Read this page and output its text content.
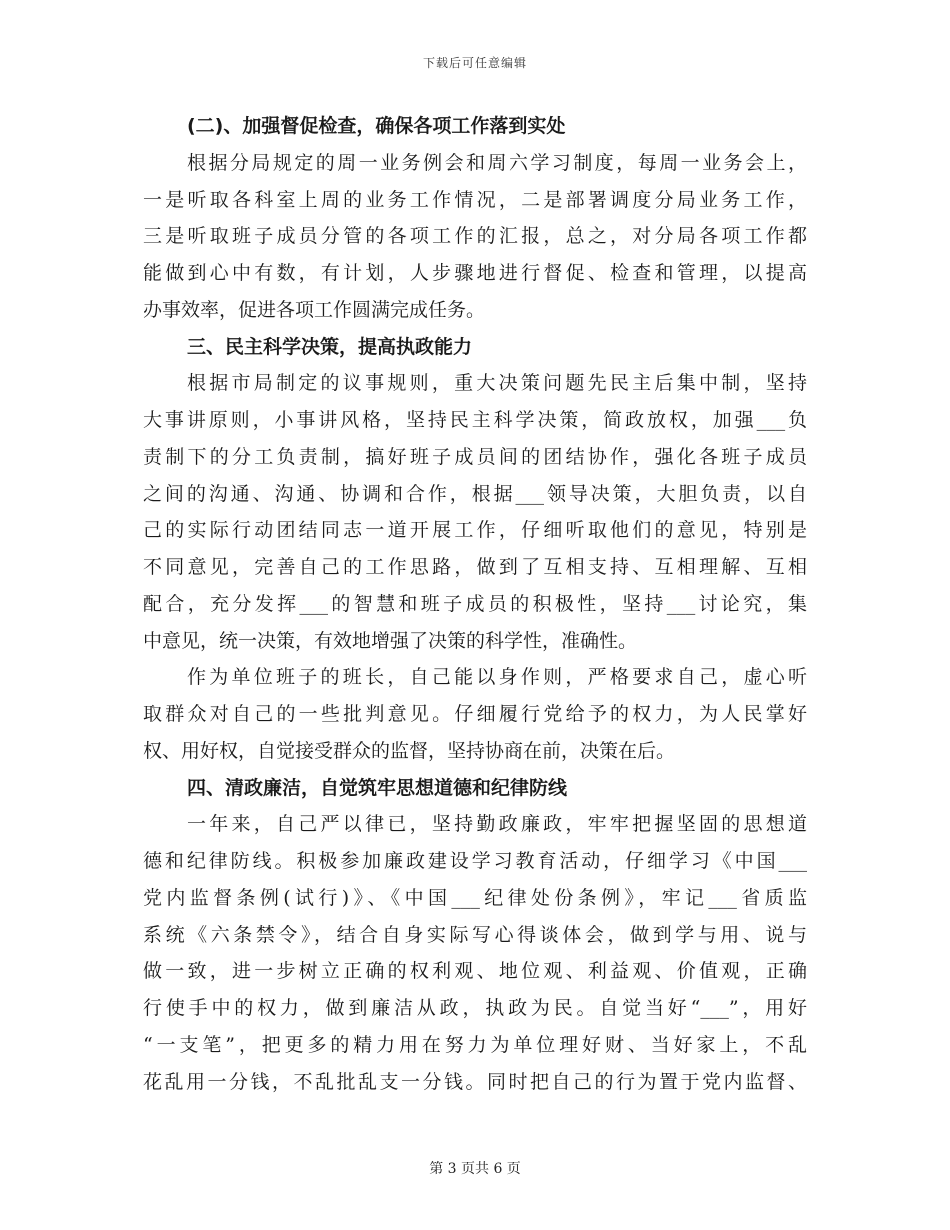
下载后可任意编辑
(二)、加强督促检查，确保各项工作落到实处
根据分局规定的周一业务例会和周六学习制度，每周一业务会上，
一是听取各科室上周的业务工作情况，二是部署调度分局业务工作，
三是听取班子成员分管的各项工作的汇报，总之，对分局各项工作都
能做到心中有数，有计划，人步骤地进行督促、检查和管理，以提高
办事效率，促进各项工作圆满完成任务。
三、民主科学决策，提高执政能力
根据市局制定的议事规则，重大决策问题先民主后集中制，坚持
大事讲原则，小事讲风格，坚持民主科学决策，简政放权，加强___负
责制下的分工负责制，搞好班子成员间的团结协作，强化各班子成员
之间的沟通、沟通、协调和合作，根据___领导决策，大胆负责，以自
己的实际行动团结同志一道开展工作，仔细听取他们的意见，特别是
不同意见，完善自己的工作思路，做到了互相支持、互相理解、互相
配合，充分发挥___的智慧和班子成员的积极性，坚持___讨论究，集
中意见，统一决策，有效地增强了决策的科学性，准确性。
作为单位班子的班长，自己能以身作则，严格要求自己，虚心听
取群众对自己的一些批判意见。仔细履行党给予的权力，为人民掌好
权、用好权，自觉接受群众的监督，坚持协商在前，决策在后。
四、清政廉洁，自觉筑牢思想道德和纪律防线
一年来，自己严以律已，坚持勤政廉政，牢牢把握坚固的思想道
德和纪律防线。积极参加廉政建设学习教育活动，仔细学习《中国___
党内监督条例(试行)》、《中国___纪律处份条例》，牢记___省质监
系统《六条禁令》，结合自身实际写心得谈体会，做到学与用、说与
做一致，进一步树立正确的权利观、地位观、利益观、价值观，正确
行使手中的权力，做到廉洁从政，执政为民。自觉当好“___”，用好
“一支笔”，把更多的精力用在努力为单位理好财、当好家上，不乱
花乱用一分钱，不乱批乱支一分钱。同时把自己的行为置于党内监督、
第 3 页共 6 页
